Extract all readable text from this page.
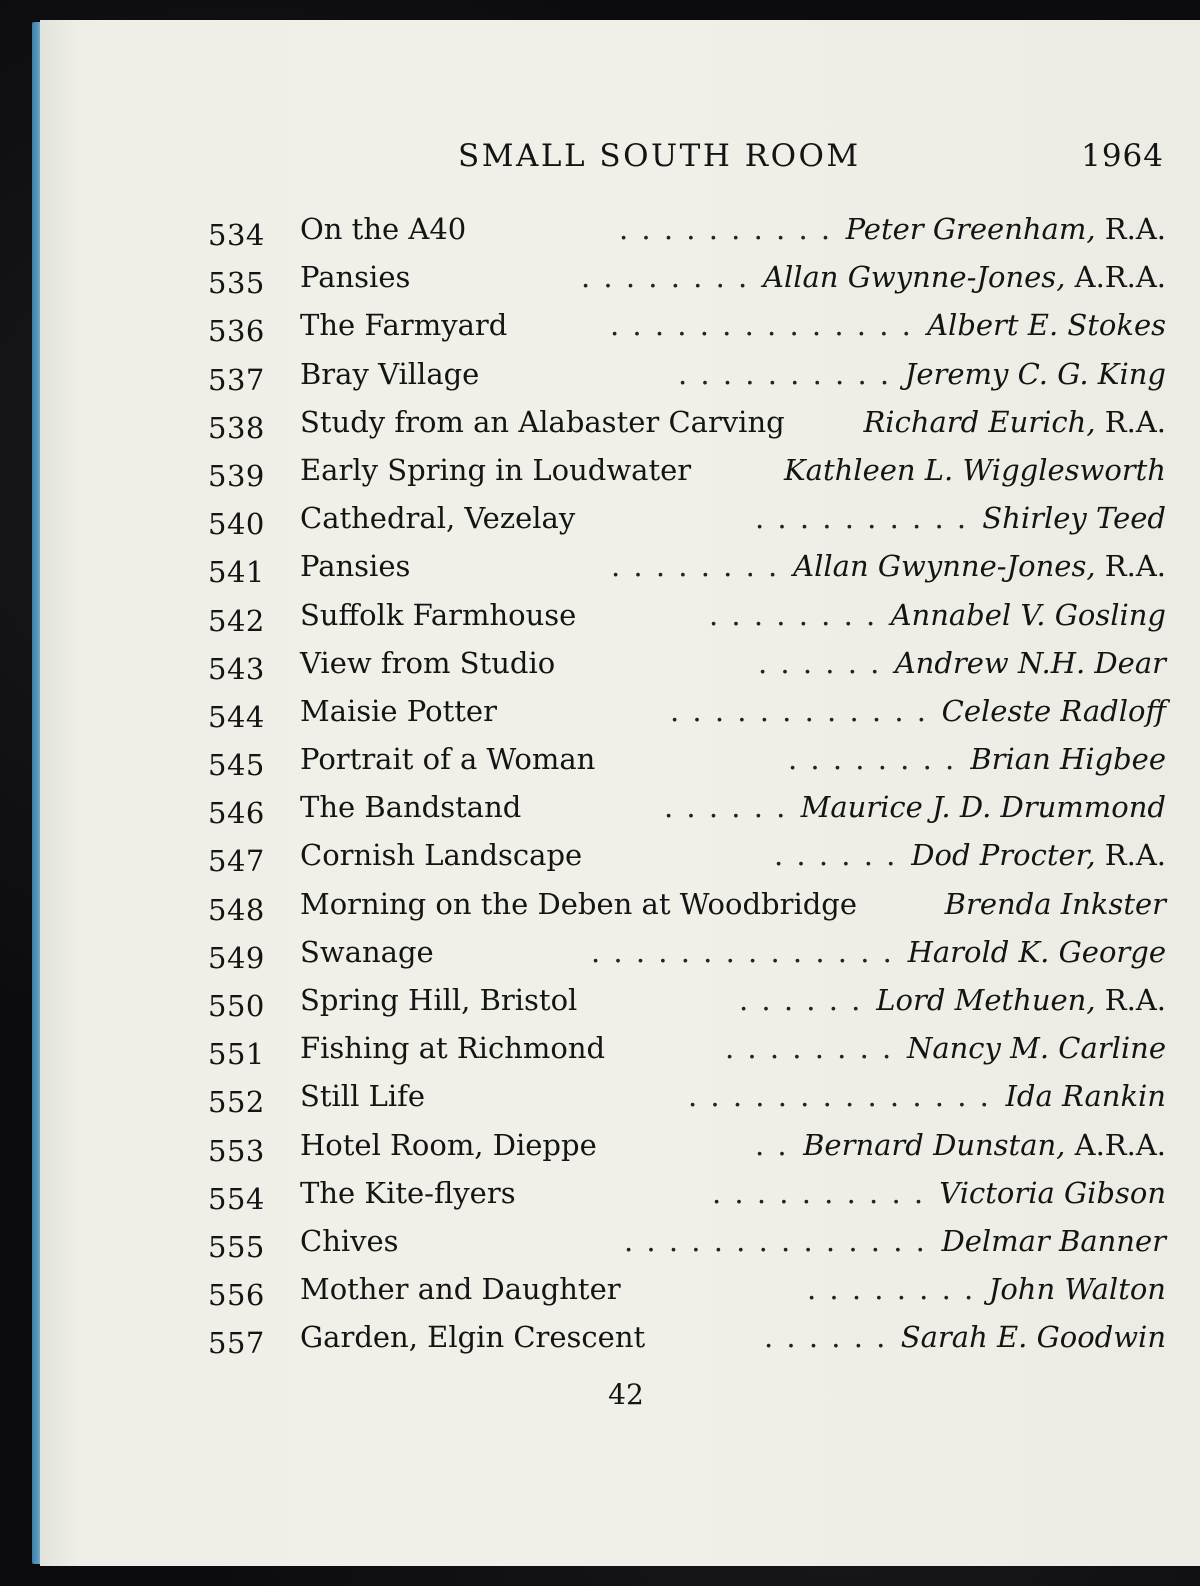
SMALL SOUTH ROOM	1964
534 On the A40	. . . . . . . . . . Peter Greenham, R.A.
535 Pansies	. . . . . . . . Allan Gwynne-Jones, A.R.A.
536 The Farmyard	. . . . . . . . . . . . . . Albert E. Stokes
537 Bray Village	. . . . . . . . . . Jeremy C. G. King
538 Study from an Alabaster Carving	Richard Eurich, R.A.
539 Early Spring in Loudwater	Kathleen L. Wigglesworth
540 Cathedral, Vezelay	. . . . . . . . . . Shirley Teed
541 Pansies	. . . . . . . . Allan Gwynne-Jones, R.A.
542 Suffolk Farmhouse	. . . . . . . . Annabel V. Gosling
543 View from Studio	. . . . . . Andrew N.H. Dear
544 Maisie Potter	. . . . . . . . . . . . Celeste Radloff
545 Portrait of a Woman	. . . . . . . . Brian Higbee
546 The Bandstand	. . . . . . Maurice J. D. Drummond
547 Cornish Landscape	. . . . . . Dod Procter, R.A.
548 Morning on the Deben at Woodbridge	Brenda Inkster
549 Swanage	. . . . . . . . . . . . . . Harold K. George
550 Spring Hill, Bristol	. . . . . . Lord Methuen, R.A.
551 Fishing at Richmond	. . . . . . . . Nancy M. Carline
552 Still Life	. . . . . . . . . . . . . . Ida Rankin
553 Hotel Room, Dieppe	. . Bernard Dunstan, A.R.A.
554 The Kite-flyers	. . . . . . . . . . Victoria Gibson
555 Chives	. . . . . . . . . . . . . . Delmar Banner
556 Mother and Daughter	. . . . . . . . John Walton
557 Garden, Elgin Crescent	. . . . . . Sarah E. Goodwin
42
